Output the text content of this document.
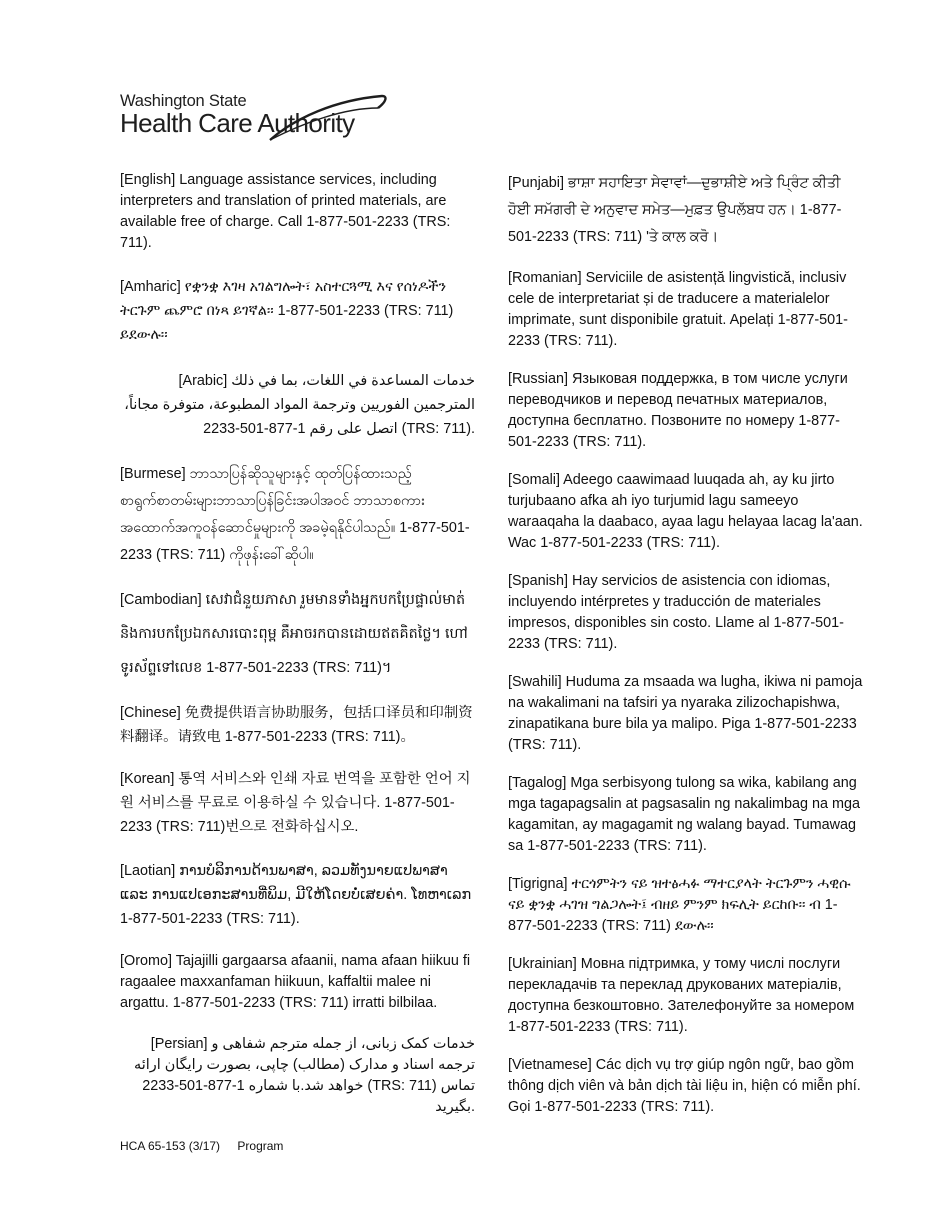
Washington State
Health Care Authority

[English] Language assistance services, including interpreters and translation of printed materials, are available free of charge. Call 1-877-501-2233 (TRS: 711).

[Amharic] የቋንቋ እገዛ አገልግሎት፣ አስተርጓሚ እና የሰነዶችን ትርጉም ጨምሮ በነጻ ይገኛል፡፡ 1-877-501-2233 (TRS: 711) ይደውሉ፡፡

[Arabic] خدمات المساعدة في اللغات، بما في ذلك المترجمين الفوريين وترجمة المواد المطبوعة، متوفرة مجاناً، اتصل على رقم 1-877-501-2233 (TRS: 711).

[Burmese] ဘာသာပြန်ဆိုသူများနှင့် ထုတ်ပြန်ထားသည့် စာရွက်စာတမ်းများဘာသာပြန်ခြင်းအပါအဝင် ဘာသာစကားအထောက်အကူဝန်ဆောင်မှုများကို အခမဲ့ရနိုင်ပါသည်။ 1-877-501-2233 (TRS: 711) ကိုဖုန်းခေါ်ဆိုပါ။

[Cambodian] សេវាជំនួយភាសា រួមមានទាំងអ្នកបកប្រែផ្ទាល់មាត់ និងការបកប្រែឯកសារបោះពុម្ព គឺអាចរកបានដោយឥតគិតថ្លៃ។ ហៅទូរស័ព្ទទៅលេខ 1-877-501-2233 (TRS: 711)។

[Chinese] 免费提供语言协助服务，包括口译员和印制资料翻译。请致电 1-877-501-2233 (TRS: 711)。

[Korean] 통역 서비스와 인쇄 자료 번역을 포함한 언어 지원 서비스를 무료로 이용하실 수 있습니다. 1-877-501-2233 (TRS: 711)번으로 전화하십시오.

[Laotian] ການບໍລິການດ້ານພາສາ, ລວມທັງນາຍແປພາສາ ແລະ ການແປເອກະສານທີ່ພິມ, ມີໃຫ້ໂດຍບໍ່ເສຍຄ່າ. ໂທຫາເລກ 1-877-501-2233 (TRS: 711).

[Oromo] Tajajilli gargaarsa afaanii, nama afaan hiikuu fi ragaalee maxxanfaman hiikuun, kaffaltii malee ni argattu. 1-877-501-2233 (TRS: 711) irratti bilbilaa.

[Persian] خدمات کمک زبانی، از جمله مترجم شفاهی و ترجمه اسناد و مدارک (مطالب) چاپی، بصورت رایگان ارائه خواهد شد.با شماره 1-877-501-2233 (TRS: 711) تماس بگیرید.

[Punjabi] ਭਾਸ਼ਾ ਸਹਾਇਤਾ ਸੇਵਾਵਾਂ—ਦੁਭਾਸ਼ੀਏ ਅਤੇ ਪ੍ਰਿੰਟ ਕੀਤੀ ਹੋਈ ਸਮੱਗਰੀ ਦੇ ਅਨੁਵਾਦ ਸਮੇਤ—ਮੁਫ਼ਤ ਉਪਲੱਬਧ ਹਨ। 1-877-501-2233 (TRS: 711) 'ਤੇ ਕਾਲ ਕਰੋ।

[Romanian] Serviciile de asistență lingvistică, inclusiv cele de interpretariat și de traducere a materialelor imprimate, sunt disponibile gratuit. Apelați 1-877-501-2233 (TRS: 711).

[Russian] Языковая поддержка, в том числе услуги переводчиков и перевод печатных материалов, доступна бесплатно. Позвоните по номеру 1-877-501-2233 (TRS: 711).

[Somali] Adeego caawimaad luuqada ah, ay ku jirto turjubaano afka ah iyo turjumid lagu sameeyo waraaqaha la daabaco, ayaa lagu helayaa lacag la'aan. Wac 1-877-501-2233 (TRS: 711).

[Spanish] Hay servicios de asistencia con idiomas, incluyendo intérpretes y traducción de materiales impresos, disponibles sin costo. Llame al 1-877-501-2233 (TRS: 711).

[Swahili] Huduma za msaada wa lugha, ikiwa ni pamoja na wakalimani na tafsiri ya nyaraka zilizochapishwa, zinapatikana bure bila ya malipo. Piga 1-877-501-2233 (TRS: 711).

[Tagalog] Mga serbisyong tulong sa wika, kabilang ang mga tagapagsalin at pagsasalin ng nakalimbag na mga kagamitan, ay magagamit ng walang bayad. Tumawag sa 1-877-501-2233 (TRS: 711).

[Tigrigna] ተርጎምትን ናይ ዝተፅሓፉ ማተርያላት ትርጉምን ሓዊሱ ናይ ቋንቋ ሓገዝ ግልጋሎት፤ ብዘይ ምንም ክፍሊት ይርከቡ፡፡ ብ 1-877-501-2233 (TRS: 711) ደውሉ፡፡

[Ukrainian] Мовна підтримка, у тому числі послуги перекладачів та переклад друкованих матеріалів, доступна безкоштовно. Зателефонуйте за номером 1-877-501-2233 (TRS: 711).

[Vietnamese] Các dịch vụ trợ giúp ngôn ngữ, bao gồm thông dịch viên và bản dịch tài liệu in, hiện có miễn phí. Gọi 1-877-501-2233 (TRS: 711).

HCA 65-153 (3/17) Program
